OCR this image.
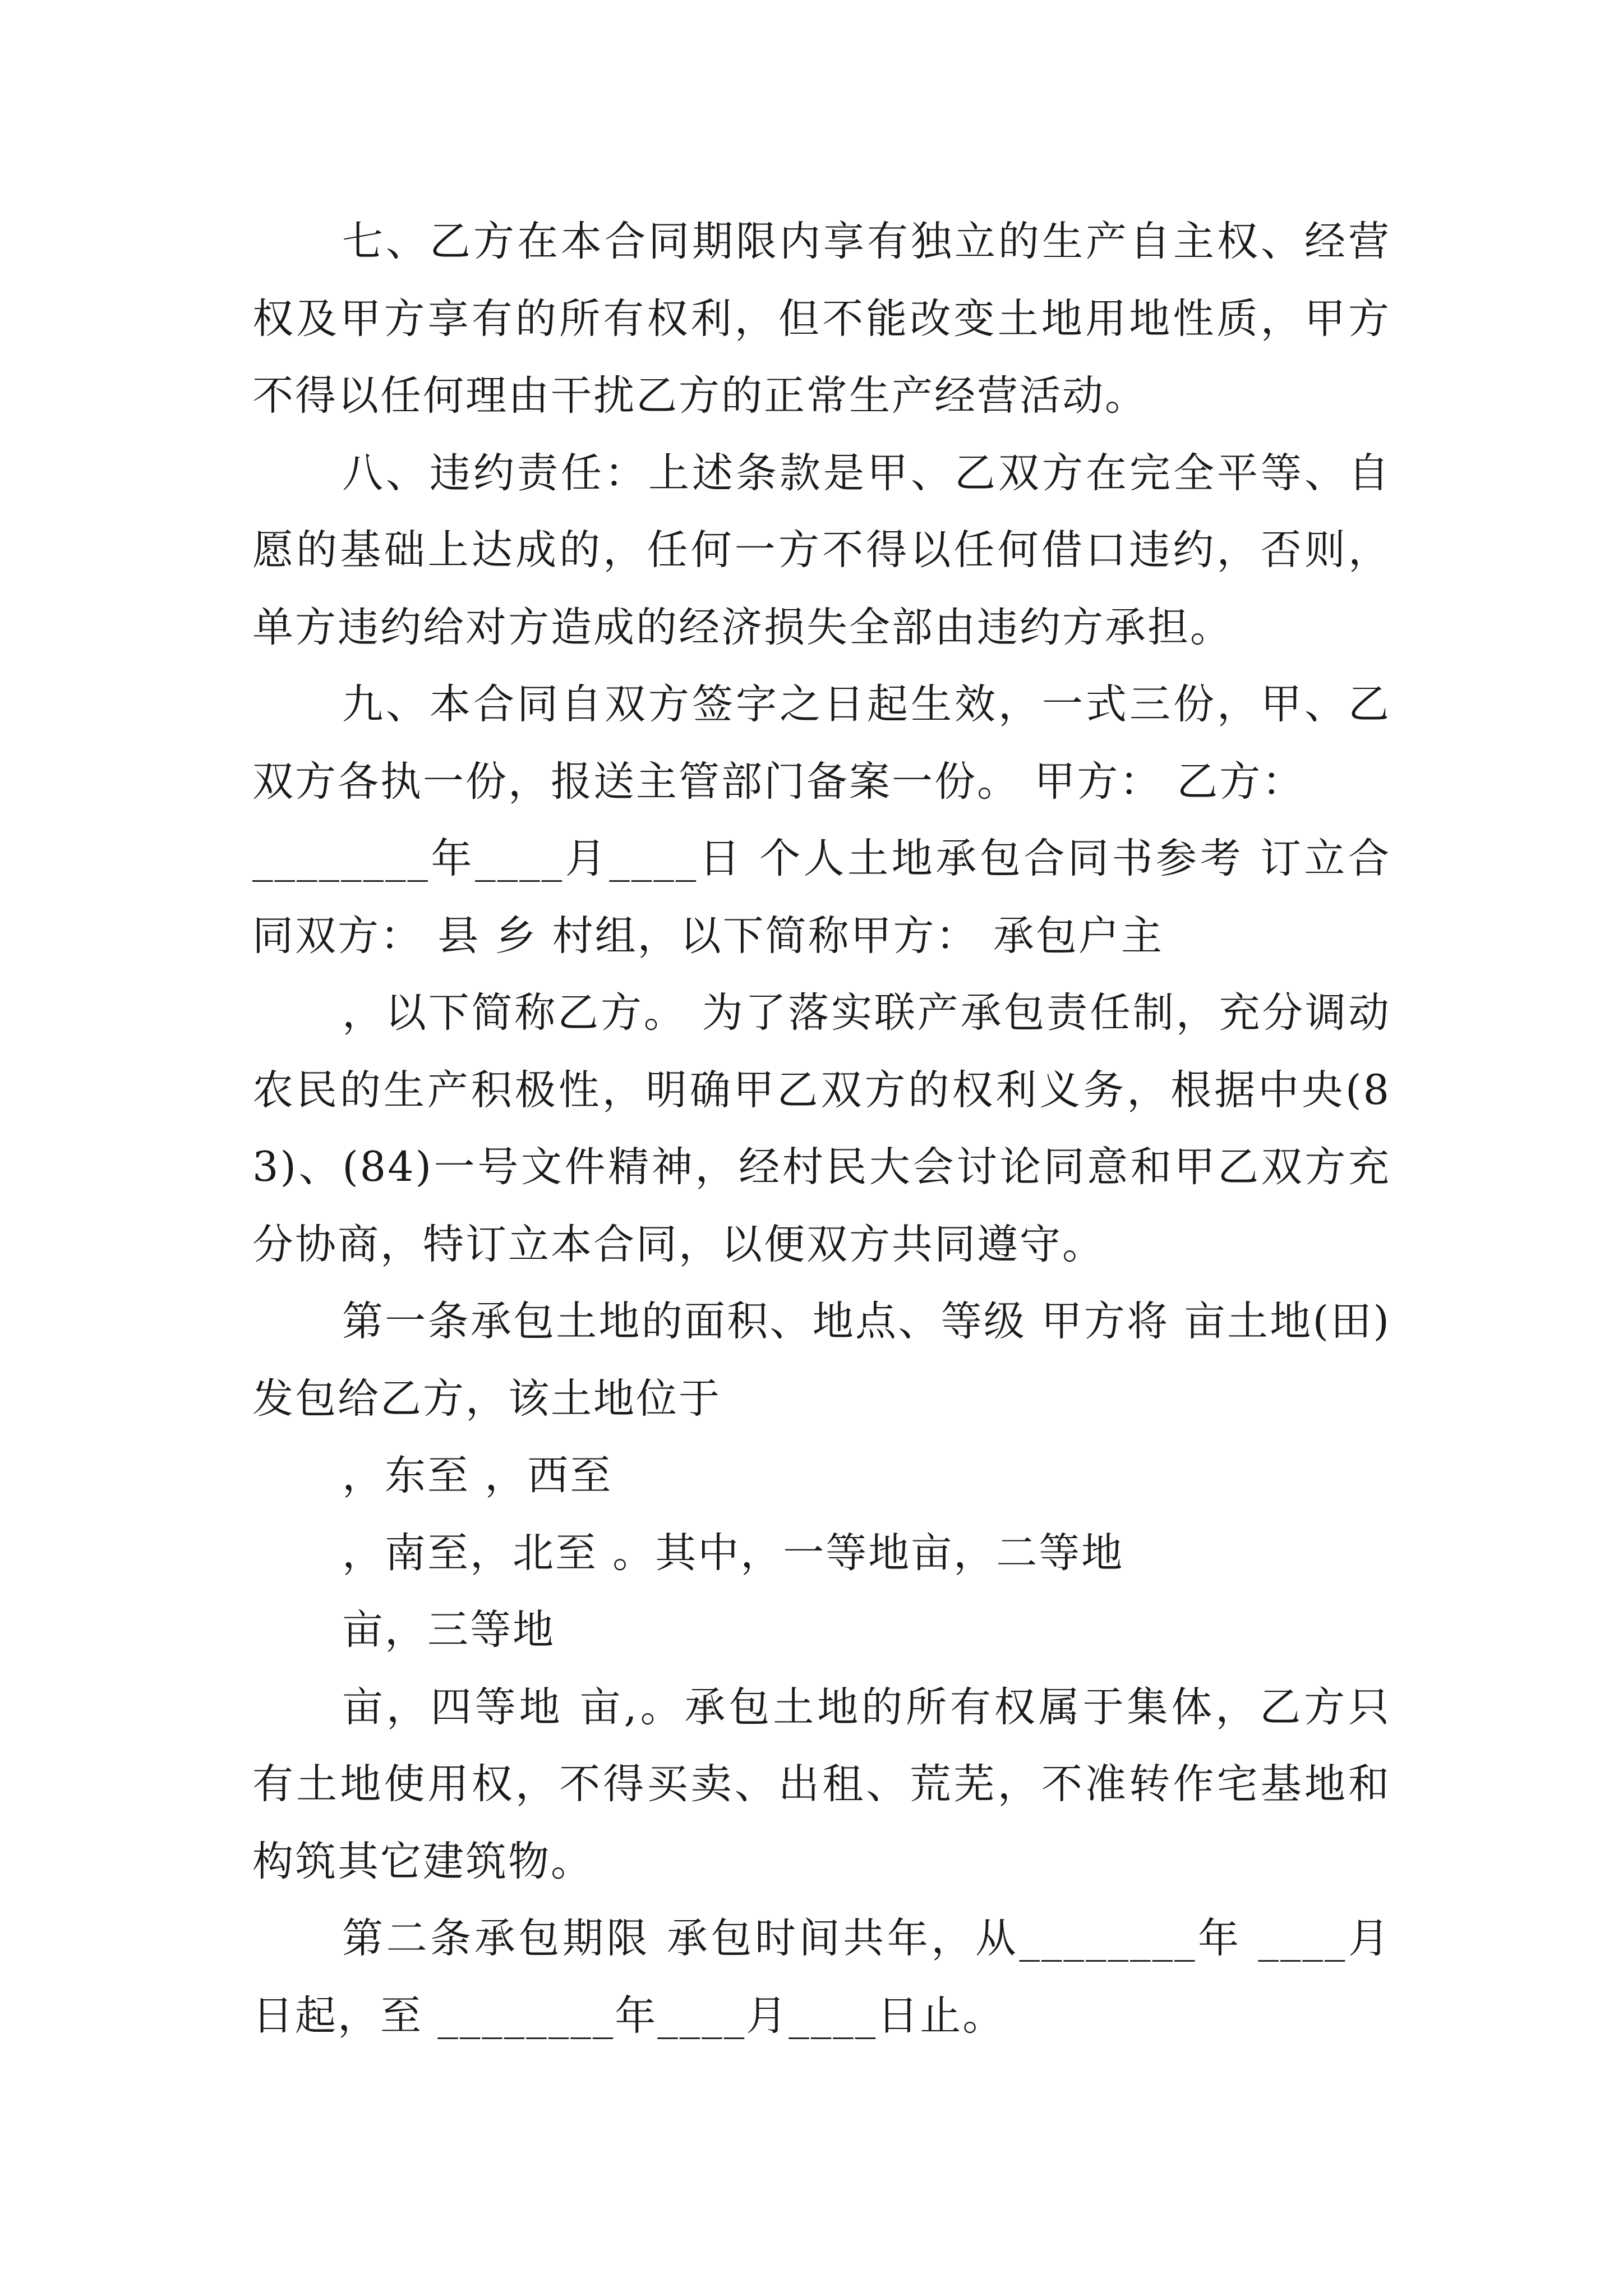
七、乙方在本合同期限内享有独立的生产自主权、经营权及甲方享有的所有权利，但不能改变土地用地性质，甲方不得以任何理由干扰乙方的正常生产经营活动。

八、违约责任：上述条款是甲、乙双方在完全平等、自愿的基础上达成的，任何一方不得以任何借口违约，否则，单方违约给对方造成的经济损失全部由违约方承担。

九、本合同自双方签字之日起生效，一式三份，甲、乙双方各执一份，报送主管部门备案一份。 甲方： 乙方：

________年____月____日 个人土地承包合同书参考 订立合同双方： 县 乡 村组，以下简称甲方： 承包户主

，以下简称乙方。 为了落实联产承包责任制，充分调动农民的生产积极性，明确甲乙双方的权利义务，根据中央(83)、(84)一号文件精神，经村民大会讨论同意和甲乙双方充分协商，特订立本合同，以便双方共同遵守。

第一条承包土地的面积、地点、等级 甲方将 亩土地(田)发包给乙方，该土地位于

，东至 ，西至

，南至，北至 。其中，一等地亩，二等地

亩，三等地

亩，四等地 亩,。承包土地的所有权属于集体，乙方只有土地使用权，不得买卖、出租、荒芜，不准转作宅基地和构筑其它建筑物。

第二条承包期限 承包时间共年，从________年 ____月日起，至 ________年____月____日止。
